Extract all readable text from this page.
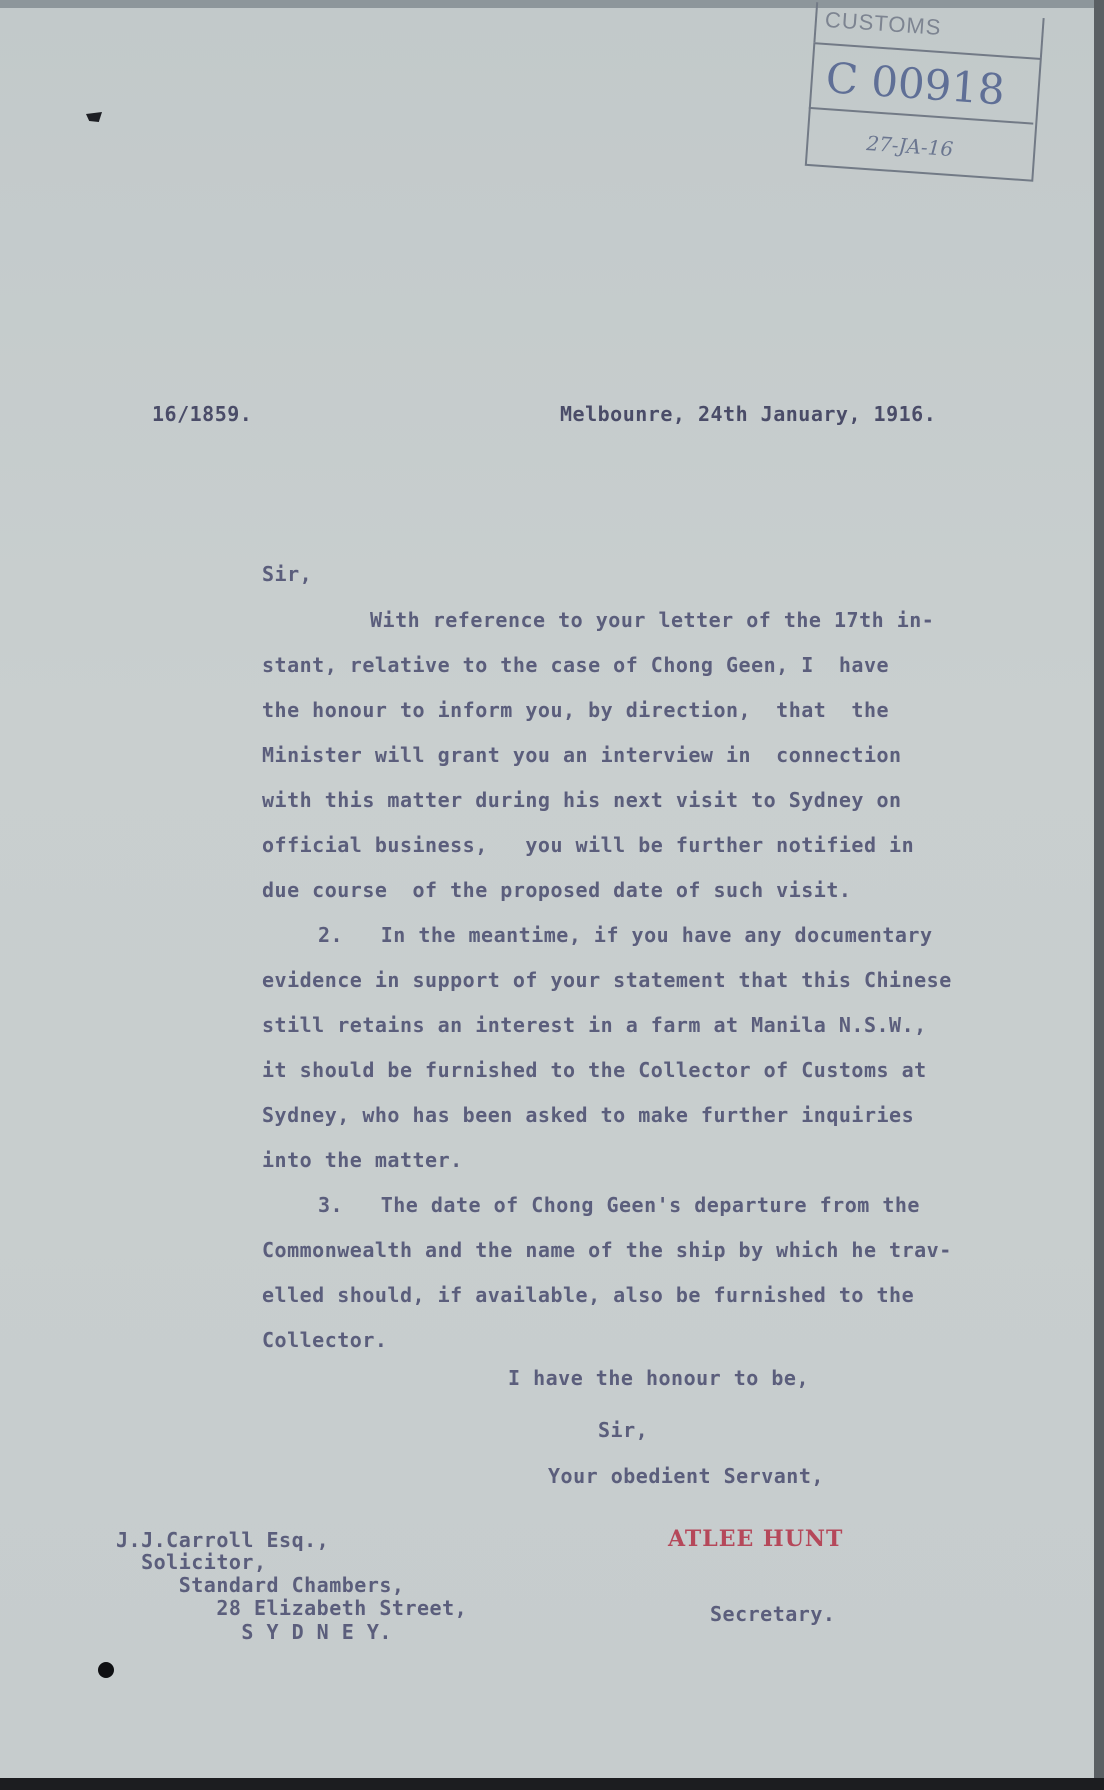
CUSTOMS
C 00918
27-JA-16
16/1859.	Melbounre, 24th January, 1916.
Sir,
With reference to your letter of the 17th in-
stant, relative to the case of Chong Geen, I  have
the honour to inform you, by direction,  that  the
Minister will grant you an interview in  connection
with this matter during his next visit to Sydney on
official business,   you will be further notified in
due course  of the proposed date of such visit.
2.   In the meantime, if you have any documentary
evidence in support of your statement that this Chinese
still retains an interest in a farm at Manila N.S.W.,
it should be furnished to the Collector of Customs at
Sydney, who has been asked to make further inquiries
into the matter.
3.   The date of Chong Geen's departure from the
Commonwealth and the name of the ship by which he trav-
elled should, if available, also be furnished to the
Collector.
I have the honour to be,
Sir,
Your obedient Servant,
ATLEE HUNT
Secretary.
J.J.Carroll Esq.,
Solicitor,
Standard Chambers,
28 Elizabeth Street,
S Y D N E Y.
